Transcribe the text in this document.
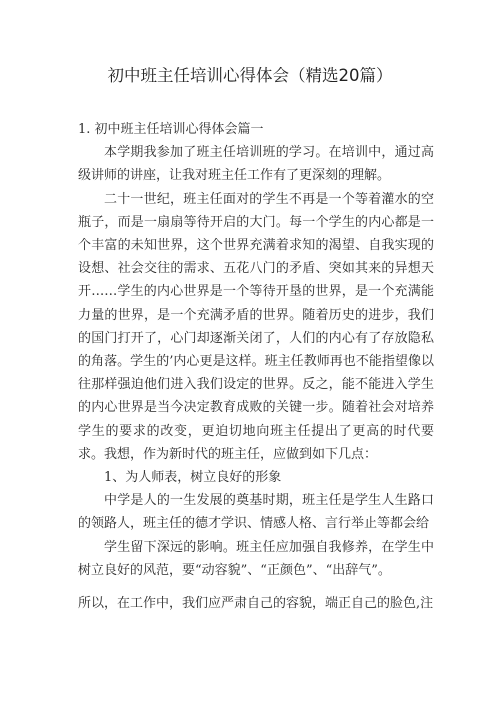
初中班主任培训心得体会（精选20篇）

1. 初中班主任培训心得体会篇一

本学期我参加了班主任培训班的学习。在培训中，通过高级讲师的讲座，让我对班主任工作有了更深刻的理解。

二十一世纪，班主任面对的学生不再是一个等着灌水的空瓶子，而是一扇扇等待开启的大门。每一个学生的内心都是一个丰富的未知世界，这个世界充满着求知的渴望、自我实现的设想、社会交往的需求、五花八门的矛盾、突如其来的异想天开……学生的内心世界是一个等待开垦的世界，是一个充满能力量的世界，是一个充满矛盾的世界。随着历史的进步，我们的国门打开了，心门却逐渐关闭了，人们的内心有了存放隐私的角落。学生的’内心更是这样。班主任教师再也不能指望像以往那样强迫他们进入我们设定的世界。反之，能不能进入学生的内心世界是当今决定教育成败的关键一步。随着社会对培养学生的要求的改变，更迫切地向班主任提出了更高的时代要求。我想，作为新时代的班主任，应做到如下几点：

1、为人师表，树立良好的形象

中学是人的一生发展的奠基时期，班主任是学生人生路口的领路人，班主任的德才学识、情感人格、言行举止等都会给

学生留下深远的影响。班主任应加强自我修养，在学生中树立良好的风范，要“动容貌”、“正颜色”、“出辞气”。

所以，在工作中，我们应严肃自己的容貌，端正自己的脸色,注
